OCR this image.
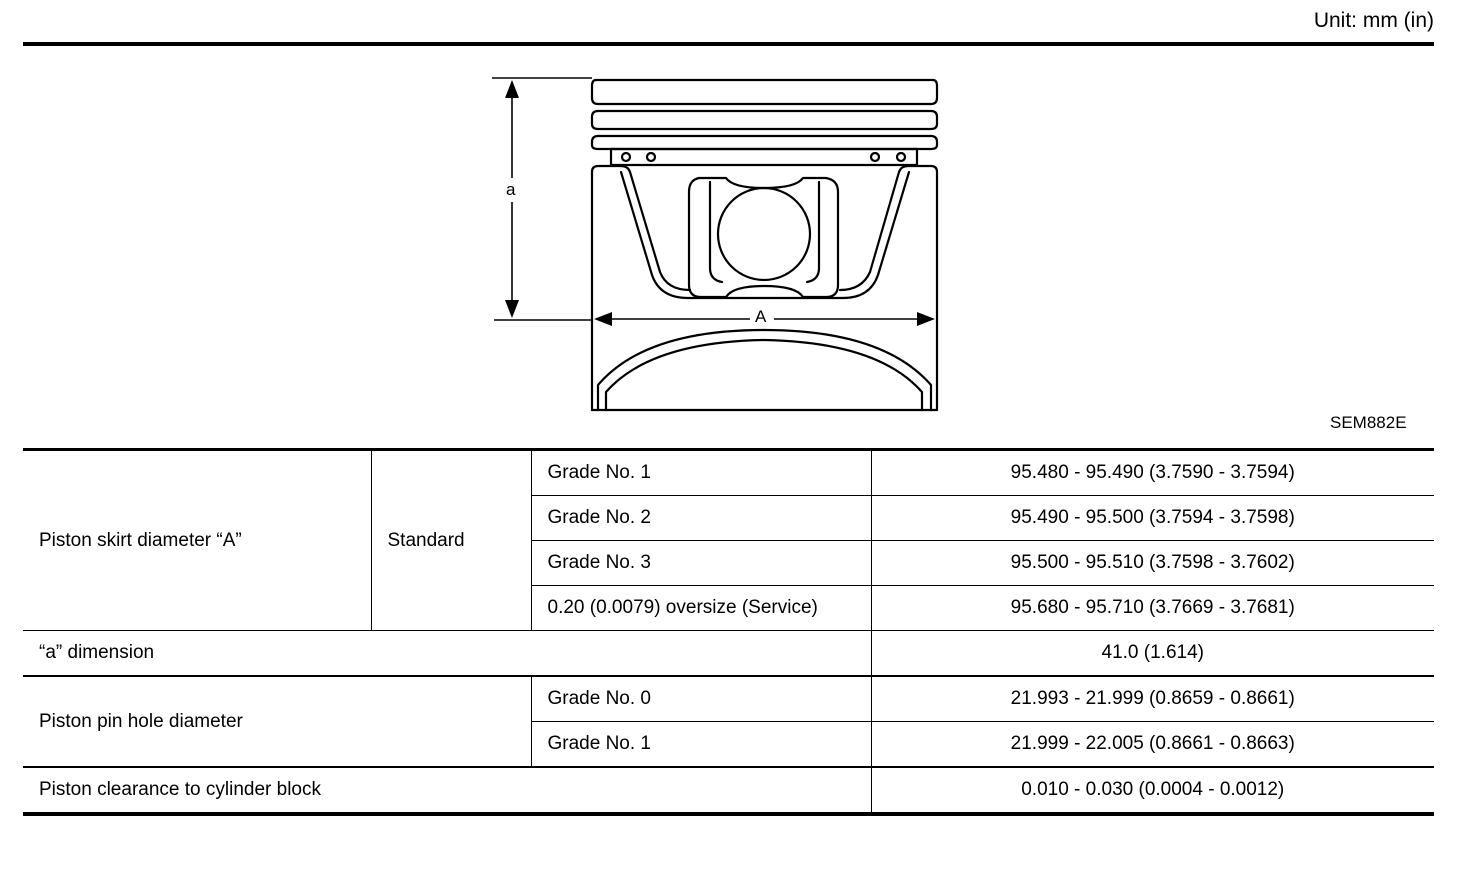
Unit: mm (in)
a
A
SEM882E
Piston skirt diameter “A”	Standard	Grade No. 1	95.480 - 95.490 (3.7590 - 3.7594)
		Grade No. 2	95.490 - 95.500 (3.7594 - 3.7598)
		Grade No. 3	95.500 - 95.510 (3.7598 - 3.7602)
		0.20 (0.0079) oversize (Service)	95.680 - 95.710 (3.7669 - 3.7681)
“a” dimension			41.0 (1.614)
Piston pin hole diameter		Grade No. 0	21.993 - 21.999 (0.8659 - 0.8661)
		Grade No. 1	21.999 - 22.005 (0.8661 - 0.8663)
Piston clearance to cylinder block			0.010 - 0.030 (0.0004 - 0.0012)
